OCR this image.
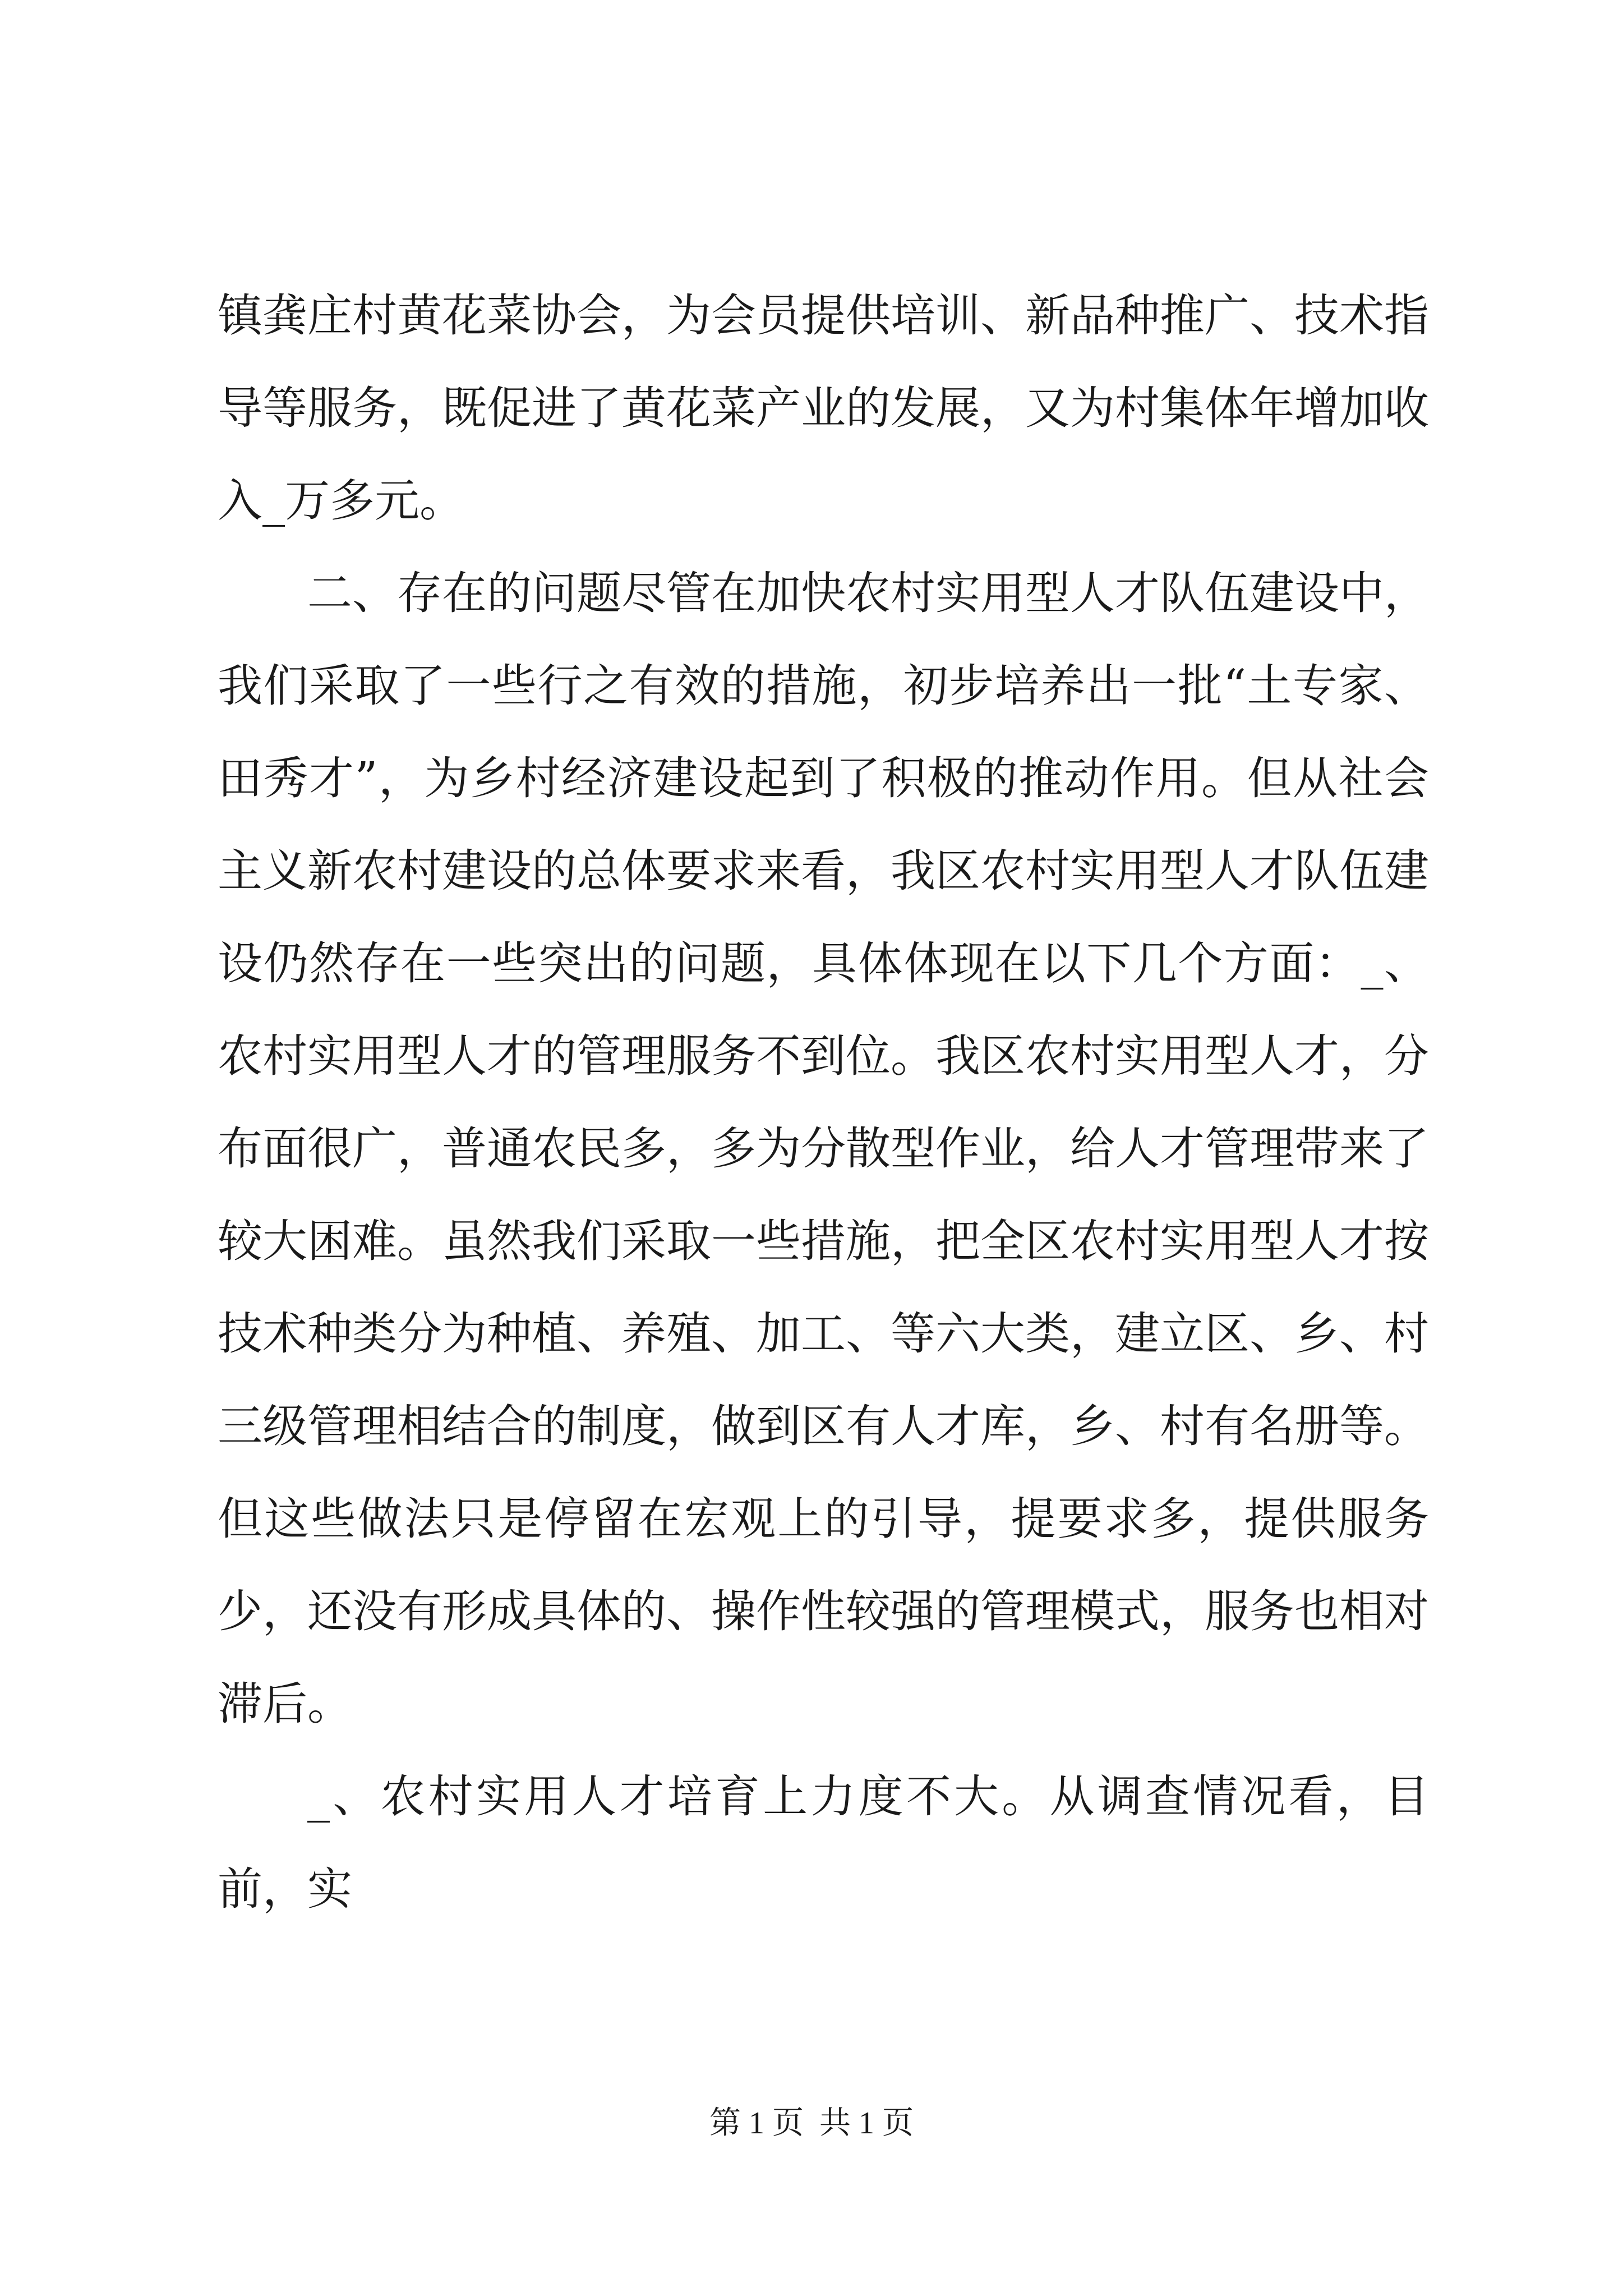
镇龚庄村黄花菜协会，为会员提供培训、新品种推广、技术指导等服务，既促进了黄花菜产业的发展，又为村集体年增加收入_万多元。

二、存在的问题尽管在加快农村实用型人才队伍建设中，我们采取了一些行之有效的措施，初步培养出一批“土专家、田秀才”，为乡村经济建设起到了积极的推动作用。但从社会主义新农村建设的总体要求来看，我区农村实用型人才队伍建设仍然存在一些突出的问题，具体体现在以下几个方面：_、农村实用型人才的管理服务不到位。我区农村实用型人才，分布面很广，普通农民多，多为分散型作业，给人才管理带来了较大困难。虽然我们采取一些措施，把全区农村实用型人才按技术种类分为种植、养殖、加工、等六大类，建立区、乡、村三级管理相结合的制度，做到区有人才库，乡、村有名册等。但这些做法只是停留在宏观上的引导，提要求多，提供服务少，还没有形成具体的、操作性较强的管理模式，服务也相对滞后。

_、农村实用人才培育上力度不大。从调查情况看，目前，实

第 1 页  共 1 页
